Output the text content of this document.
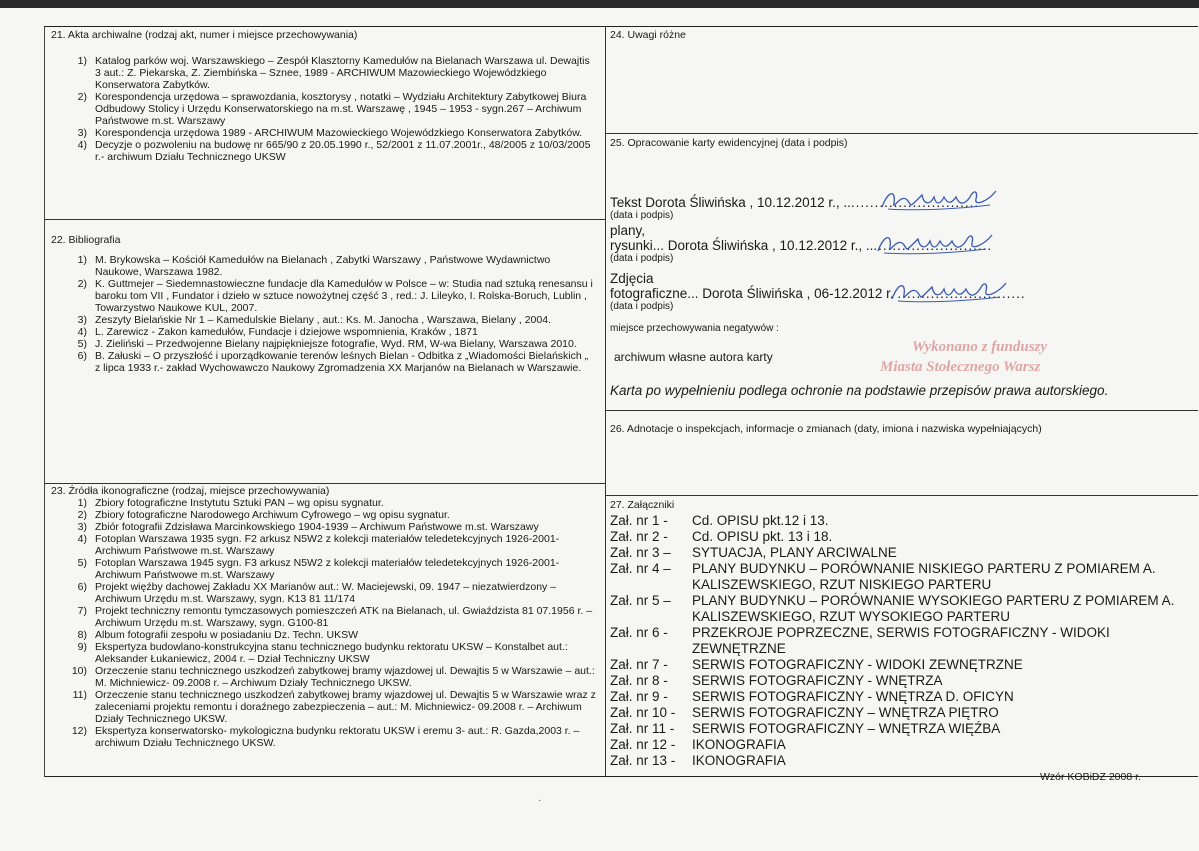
21. Akta archiwalne (rodzaj akt, numer i miejsce przechowywania)
1) Katalog parków woj. Warszawskiego – Zespół Klasztorny Kamedułów na Bielanach Warszawa ul. Dewajtis 3 aut.: Z. Piekarska, Z. Ziembińska – Sznee, 1989 - ARCHIWUM Mazowieckiego Wojewódzkiego Konserwatora Zabytków.
2) Korespondencja urzędowa – sprawozdania, kosztorysy , notatki – Wydziału Architektury Zabytkowej Biura Odbudowy Stolicy i Urzędu Konserwatorskiego na m.st. Warszawę , 1945 – 1953 - sygn.267 – Archiwum Państwowe m.st. Warszawy
3) Korespondencja urzędowa 1989 - ARCHIWUM Mazowieckiego Wojewódzkiego Konserwatora Zabytków.
4) Decyzje o pozwoleniu na budowę nr 665/90 z 20.05.1990 r., 52/2001 z 11.07.2001r., 48/2005 z 10/03/2005 r.- archiwum Działu Technicznego UKSW
22. Bibliografia
1) M. Brykowska – Kościół Kamedułów na Bielanach , Zabytki Warszawy , Państwowe Wydawnictwo Naukowe, Warszawa 1982.
2) K. Guttmejer – Siedemnastowieczne fundacje dla Kamedułów w Polsce – w: Studia nad sztuką renesansu i baroku tom VII , Fundator i dzieło w sztuce nowożytnej część 3 , red.: J. Lileyko, I. Rolska-Boruch, Lublin , Towarzystwo Naukowe KUL, 2007.
3) Zeszyty Bielańskie Nr 1 – Kamedulskie Bielany , aut.: Ks. M. Janocha , Warszawa, Bielany , 2004.
4) L. Zarewicz - Zakon kamedułów, Fundacje i dziejowe wspomnienia, Kraków , 1871
5) J. Zieliński – Przedwojenne Bielany najpiękniejsze fotografie, Wyd. RM, W-wa Bielany, Warszawa 2010.
6) B. Załuski – O przyszłość i uporządkowanie terenów leśnych Bielan - Odbitka z „Wiadomości Bielańskich „ z lipca 1933 r.- zakład Wychowawczo Naukowy Zgromadzenia XX Marjanów na Bielanach w Warszawie.
23. Źródła ikonograficzne (rodzaj, miejsce przechowywania)
1) Zbiory fotograficzne Instytutu Sztuki PAN – wg opisu sygnatur.
2) Zbiory fotograficzne Narodowego Archiwum Cyfrowego – wg opisu sygnatur.
3) Zbiór fotografii Zdzisława Marcinkowskiego 1904-1939 – Archiwum Państwowe m.st. Warszawy
4) Fotoplan Warszawa 1935 sygn. F2 arkusz N5W2 z kolekcji materiałów teledetekcyjnych 1926-2001- Archiwum Państwowe m.st. Warszawy
5) Fotoplan Warszawa 1945 sygn. F3 arkusz N5W2 z kolekcji materiałów teledetekcyjnych 1926-2001- Archiwum Państwowe m.st. Warszawy
6) Projekt więźby dachowej Zakładu XX Marianów aut.: W. Maciejewski, 09. 1947 – niezatwierdzony – Archiwum Urzędu m.st. Warszawy, sygn. K13 81 11/174
7) Projekt techniczny remontu tymczasowych pomieszczeń ATK na Bielanach, ul. Gwiaździsta 81 07.1956 r. – Archiwum Urzędu m.st. Warszawy, sygn. G100-81
8) Album fotografii zespołu w posiadaniu Dz. Techn. UKSW
9) Ekspertyza budowlano-konstrukcyjna stanu technicznego budynku rektoratu UKSW – Konstalbet aut.: Aleksander Łukaniewicz, 2004 r. – Dział Techniczny UKSW
10) Orzeczenie stanu technicznego uszkodzeń zabytkowej bramy wjazdowej ul. Dewajtis 5 w Warszawie – aut.: M. Michniewicz- 09.2008 r. – Archiwum Działy Technicznego UKSW.
11) Orzeczenie stanu technicznego uszkodzeń zabytkowej bramy wjazdowej ul. Dewajtis 5 w Warszawie wraz z zaleceniami projektu remontu i doraźnego zabezpieczenia – aut.: M. Michniewicz- 09.2008 r. – Archiwum Działy Technicznego UKSW.
12) Ekspertyza konserwatorsko- mykologiczna budynku rektoratu UKSW i eremu 3- aut.: R. Gazda,2003 r. – archiwum Działu Technicznego UKSW.
24. Uwagi różne
25. Opracowanie karty ewidencyjnej (data i podpis)
Tekst Dorota Śliwińska , 10.12.2012 r., .............................
(data i podpis)
plany,
rysunki... Dorota Śliwińska , 10.12.2012 r., ...........................
(data i podpis)
Zdjęcia
fotograficzne... Dorota Śliwińska , 06-12.2012 r. ...........................
(data i podpis)
miejsce przechowywania negatywów :
archiwum własne autora karty
Wykonano z funduszy
Miasta Stołecznego Warsz
Karta po wypełnieniu podlega ochronie na podstawie przepisów prawa autorskiego.
26. Adnotacje o inspekcjach, informacje o zmianach (daty, imiona i nazwiska wypełniających)
27. Załączniki
Zał. nr 1 -	Cd. OPISU pkt.12 i 13.
Zał. nr 2 -	Cd. OPISU pkt. 13 i 18.
Zał. nr 3 –	SYTUACJA, PLANY ARCIWALNE
Zał. nr 4 –	PLANY BUDYNKU – PORÓWNANIE NISKIEGO PARTERU Z POMIAREM A. KALISZEWSKIEGO, RZUT NISKIEGO PARTERU
Zał. nr 5 –	PLANY BUDYNKU – PORÓWNANIE WYSOKIEGO PARTERU Z POMIAREM A. KALISZEWSKIEGO, RZUT WYSOKIEGO PARTERU
Zał. nr 6 -	PRZEKROJE POPRZECZNE, SERWIS FOTOGRAFICZNY - WIDOKI ZEWNĘTRZNE
Zał. nr 7 -	SERWIS FOTOGRAFICZNY - WIDOKI ZEWNĘTRZNE
Zał. nr 8 -	SERWIS FOTOGRAFICZNY - WNĘTRZA
Zał. nr 9 -	SERWIS FOTOGRAFICZNY - WNĘTRZA D. OFICYN
Zał. nr 10 -	SERWIS FOTOGRAFICZNY – WNĘTRZA PIĘTRO
Zał. nr 11 -	SERWIS FOTOGRAFICZNY – WNĘTRZA WIĘŹBA
Zał. nr 12 -	IKONOGRAFIA
Zał. nr 13 -	IKONOGRAFIA
Wzór KOBiDZ 2008 r.
·
